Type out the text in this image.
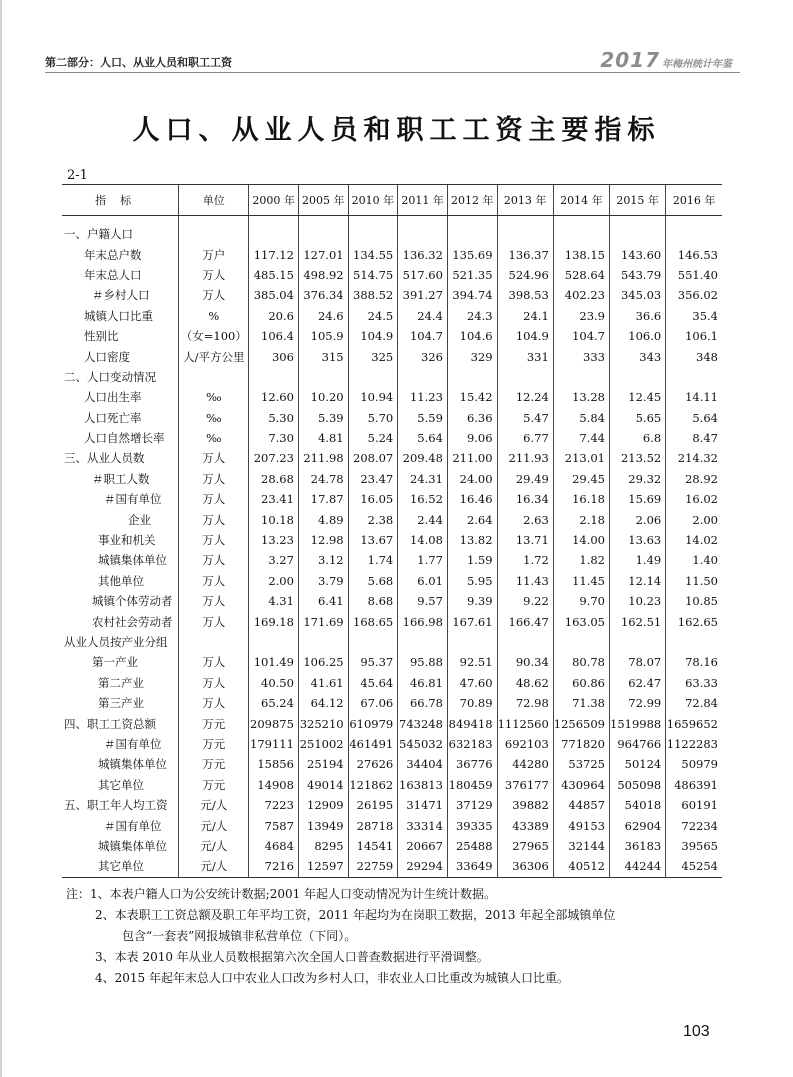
第二部分：人口、从业人员和职工工资	2017 年梅州统计年鉴
人口、从业人员和职工工资主要指标
2-1
指标	单位	2000 年	2005 年	2010 年	2011 年	2012 年	2013 年	2014 年	2015 年	2016 年
一、户籍人口										
年末总户数	万户	117.12	127.01	134.55	136.32	135.69	136.37	138.15	143.60	146.53
年末总人口	万人	485.15	498.92	514.75	517.60	521.35	524.96	528.64	543.79	551.40
＃乡村人口	万人	385.04	376.34	388.52	391.27	394.74	398.53	402.23	345.03	356.02
城镇人口比重	%	20.6	24.6	24.5	24.4	24.3	24.1	23.9	36.6	35.4
性别比	（女=100）	106.4	105.9	104.9	104.7	104.6	104.9	104.7	106.0	106.1
人口密度	人/平方公里	306	315	325	326	329	331	333	343	348
二、人口变动情况										
人口出生率	‰	12.60	10.20	10.94	11.23	15.42	12.24	13.28	12.45	14.11
人口死亡率	‰	5.30	5.39	5.70	5.59	6.36	5.47	5.84	5.65	5.64
人口自然增长率	‰	7.30	4.81	5.24	5.64	9.06	6.77	7.44	6.8	8.47
三、从业人员数	万人	207.23	211.98	208.07	209.48	211.00	211.93	213.01	213.52	214.32
＃职工人数	万人	28.68	24.78	23.47	24.31	24.00	29.49	29.45	29.32	28.92
＃国有单位	万人	23.41	17.87	16.05	16.52	16.46	16.34	16.18	15.69	16.02
企业	万人	10.18	4.89	2.38	2.44	2.64	2.63	2.18	2.06	2.00
事业和机关	万人	13.23	12.98	13.67	14.08	13.82	13.71	14.00	13.63	14.02
城镇集体单位	万人	3.27	3.12	1.74	1.77	1.59	1.72	1.82	1.49	1.40
其他单位	万人	2.00	3.79	5.68	6.01	5.95	11.43	11.45	12.14	11.50
城镇个体劳动者	万人	4.31	6.41	8.68	9.57	9.39	9.22	9.70	10.23	10.85
农村社会劳动者	万人	169.18	171.69	168.65	166.98	167.61	166.47	163.05	162.51	162.65
从业人员按产业分组										
第一产业	万人	101.49	106.25	95.37	95.88	92.51	90.34	80.78	78.07	78.16
第二产业	万人	40.50	41.61	45.64	46.81	47.60	48.62	60.86	62.47	63.33
第三产业	万人	65.24	64.12	67.06	66.78	70.89	72.98	71.38	72.99	72.84
四、职工工资总额	万元	209875	325210	610979	743248	849418	1112560	1256509	1519988	1659652
＃国有单位	万元	179111	251002	461491	545032	632183	692103	771820	964766	1122283
城镇集体单位	万元	15856	25194	27626	34404	36776	44280	53725	50124	50979
其它单位	万元	14908	49014	121862	163813	180459	376177	430964	505098	486391
五、职工年人均工资	元/人	7223	12909	26195	31471	37129	39882	44857	54018	60191
＃国有单位	元/人	7587	13949	28718	33314	39335	43389	49153	62904	72234
城镇集体单位	元/人	4684	8295	14541	20667	25488	27965	32144	36183	39565
其它单位	元/人	7216	12597	22759	29294	33649	36306	40512	44244	45254
注：1、本表户籍人口为公安统计数据;2001 年起人口变动情况为计生统计数据。
2、本表职工工资总额及职工年平均工资，2011 年起均为在岗职工数据，2013 年起全部城镇单位
包含“一套表”网报城镇非私营单位（下同）。
3、本表 2010 年从业人员数根据第六次全国人口普查数据进行平滑调整。
4、2015 年起年末总人口中农业人口改为乡村人口，非农业人口比重改为城镇人口比重。
103
